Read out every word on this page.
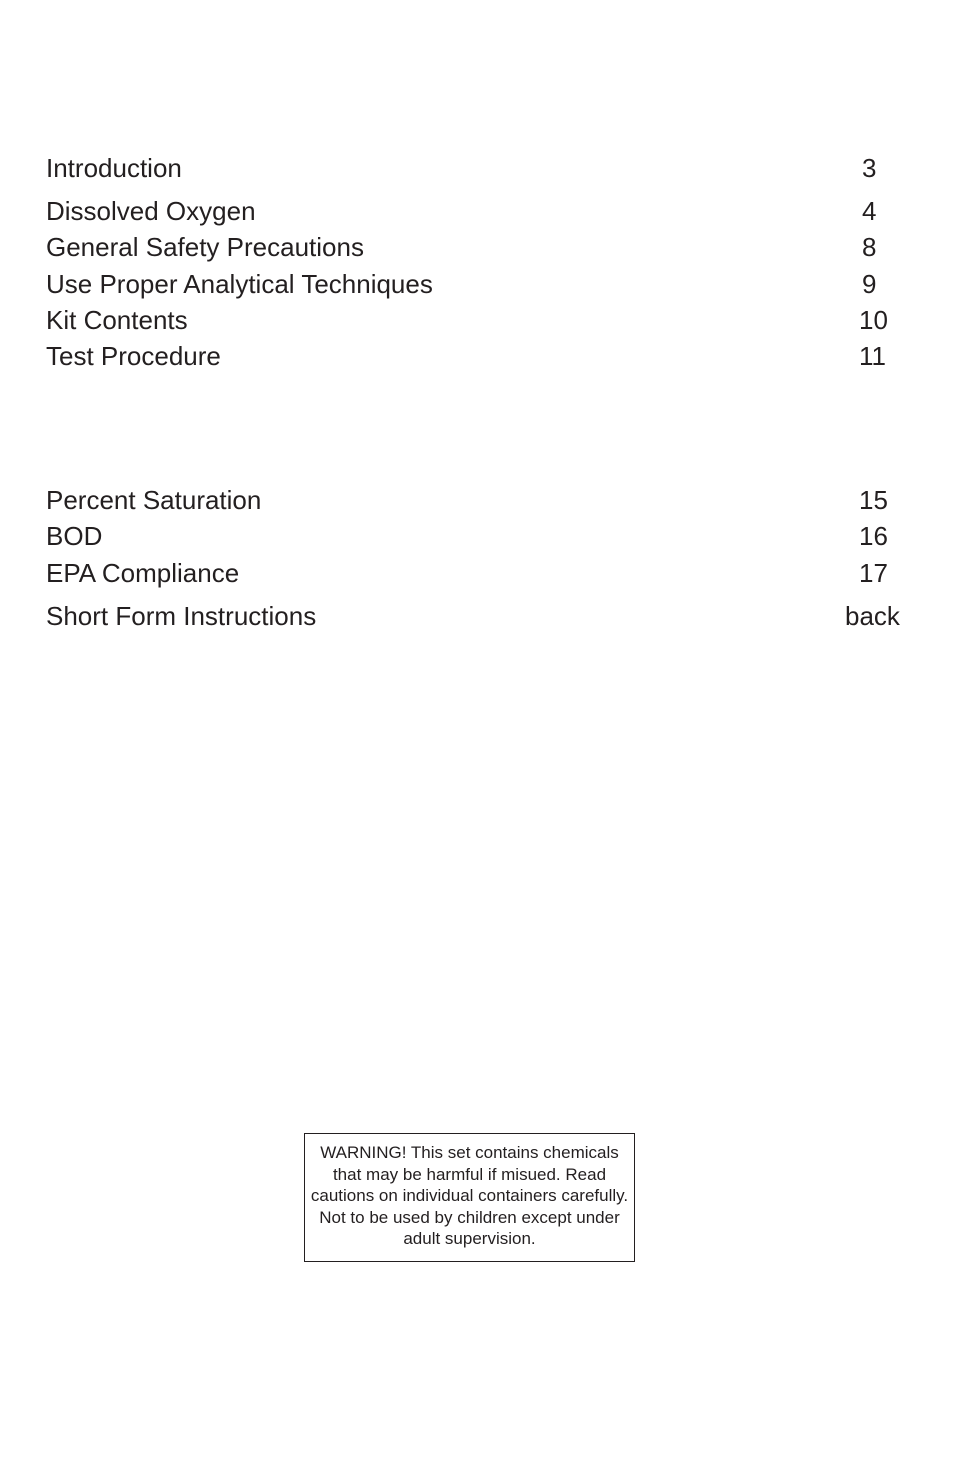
Introduction	3
Dissolved Oxygen	4
General Safety Precautions	8
Use Proper Analytical Techniques	9
Kit Contents	10
Test Procedure	11
Percent Saturation	15
BOD	16
EPA Compliance	17
Short Form Instructions	back
WARNING! This set contains chemicals that may be harmful if misued. Read cautions on individual containers carefully. Not to be used by children except under adult supervision.
